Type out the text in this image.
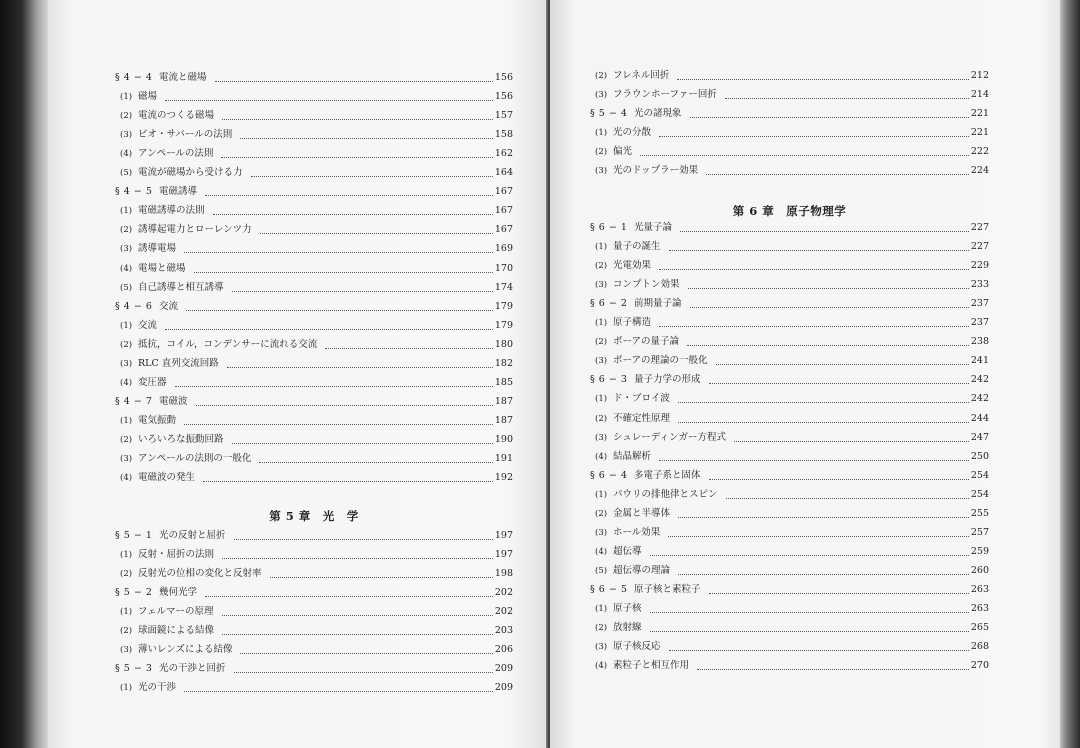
§ 4 − 4 電流と磁場	156
(1) 磁場	156
(2) 電流のつくる磁場	157
(3) ビオ・サバールの法則	158
(4) アンペールの法則	162
(5) 電流が磁場から受ける力	164
§ 4 − 5 電磁誘導	167
(1) 電磁誘導の法則	167
(2) 誘導起電力とローレンツ力	167
(3) 誘導電場	169
(4) 電場と磁場	170
(5) 自己誘導と相互誘導	174
§ 4 − 6 交流	179
(1) 交流	179
(2) 抵抗，コイル，コンデンサーに流れる交流	180
(3) RLC 直列交流回路	182
(4) 変圧器	185
§ 4 − 7 電磁波	187
(1) 電気振動	187
(2) いろいろな振動回路	190
(3) アンペールの法則の一般化	191
(4) 電磁波の発生	192
第 5 章　光　学
§ 5 − 1 光の反射と屈折	197
(1) 反射・屈折の法則	197
(2) 反射光の位相の変化と反射率	198
§ 5 − 2 幾何光学	202
(1) フェルマーの原理	202
(2) 球面鏡による結像	203
(3) 薄いレンズによる結像	206
§ 5 − 3 光の干渉と回折	209
(1) 光の干渉	209
(2) フレネル回折	212
(3) フラウンホーファー回折	214
§ 5 − 4 光の諸現象	221
(1) 光の分散	221
(2) 偏光	222
(3) 光のドップラー効果	224
第 6 章　原子物理学
§ 6 − 1 光量子論	227
(1) 量子の誕生	227
(2) 光電効果	229
(3) コンプトン効果	233
§ 6 − 2 前期量子論	237
(1) 原子構造	237
(2) ボーアの量子論	238
(3) ボーアの理論の一般化	241
§ 6 − 3 量子力学の形成	242
(1) ド・ブロイ波	242
(2) 不確定性原理	244
(3) シュレーディンガー方程式	247
(4) 結晶解析	250
§ 6 − 4 多電子系と固体	254
(1) パウリの排他律とスピン	254
(2) 金属と半導体	255
(3) ホール効果	257
(4) 超伝導	259
(5) 超伝導の理論	260
§ 6 − 5 原子核と素粒子	263
(1) 原子核	263
(2) 放射線	265
(3) 原子核反応	268
(4) 素粒子と相互作用	270
